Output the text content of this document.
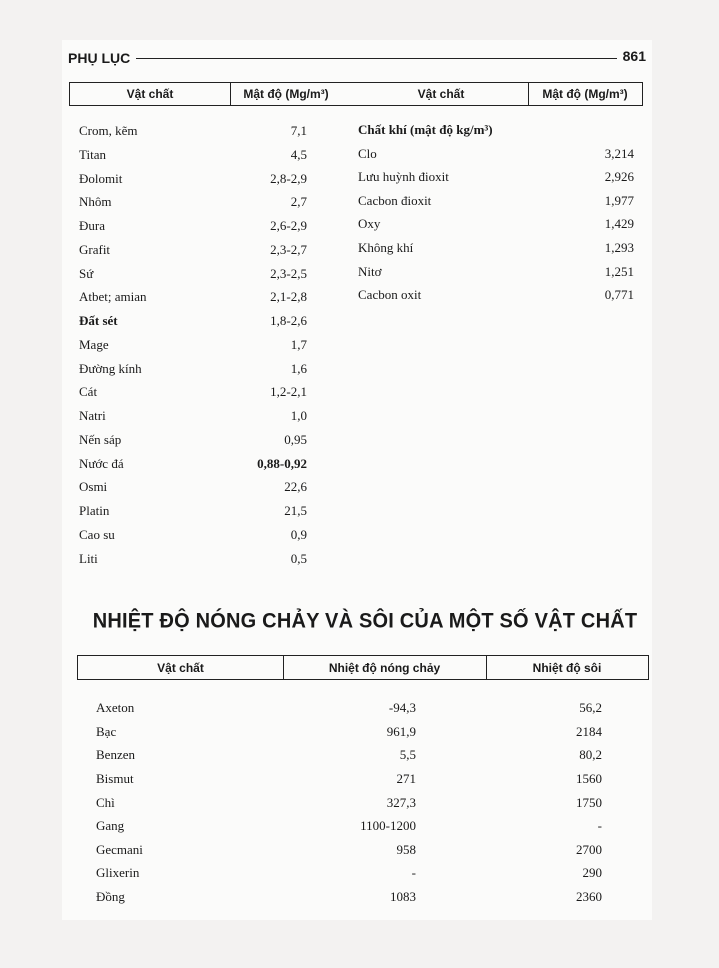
PHỤ LỤC	861
Vật chất	Mật độ (Mg/m³)	Vật chất	Mật độ (Mg/m³)
Crom, kẽm	7,1
Titan	4,5
Đolomit	2,8-2,9
Nhôm	2,7
Đura	2,6-2,9
Grafit	2,3-2,7
Sứ	2,3-2,5
Atbet; amian	2,1-2,8
Đất sét	1,8-2,6
Mage	1,7
Đường kính	1,6
Cát	1,2-2,1
Natri	1,0
Nến sáp	0,95
Nước đá	0,88-0,92
Osmi	22,6
Platin	21,5
Cao su	0,9
Liti	0,5
Chất khí (mật độ kg/m³)
Clo	3,214
Lưu huỳnh đioxit	2,926
Cacbon đioxit	1,977
Oxy	1,429
Không khí	1,293
Nitơ	1,251
Cacbon oxit	0,771
NHIỆT ĐỘ NÓNG CHẢY VÀ SÔI CỦA MỘT SỐ VẬT CHẤT
Vật chất	Nhiệt độ nóng chảy	Nhiệt độ sôi
Axeton	-94,3	56,2
Bạc	961,9	2184
Benzen	5,5	80,2
Bismut	271	1560
Chì	327,3	1750
Gang	1100-1200	-
Gecmani	958	2700
Glixerin	-	290
Đồng	1083	2360
